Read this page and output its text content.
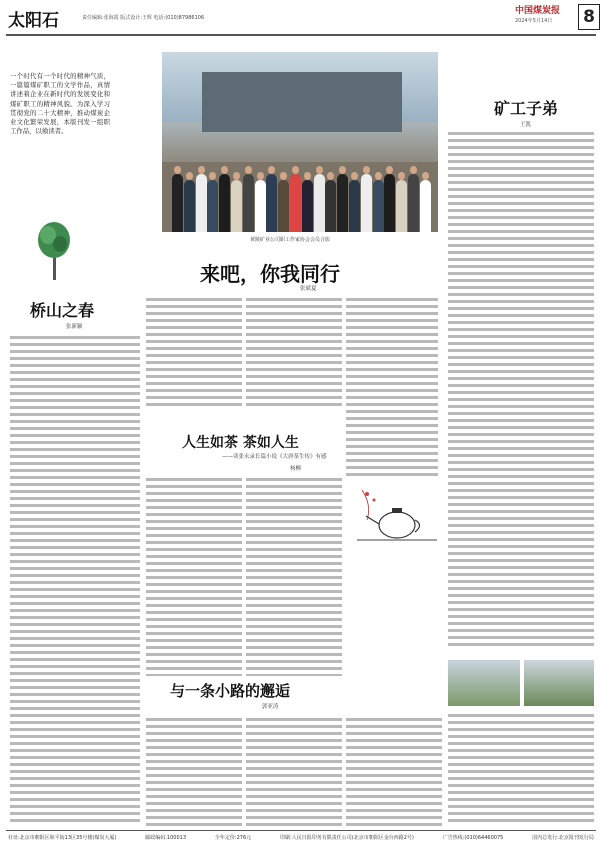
太阳石	责任编辑:张海霞 版式设计:王辉 电话:(010)87986106
中国煤炭报
2024年5月14日 8
一个时代有一个时代的精神气质，一篇篇煤矿职工的文学作品，真情讲述着企业在新时代的发展变化和煤矿职工的精神风貌。为深入学习贯彻党的二十大精神，推动煤炭企业文化繁荣发展，本版刊发一组职工作品，以飨读者。
黄陵矿业公司职工作家协会会员合影
来吧，你我同行
张斌夏
桥山之春
张新颖
矿工子弟
王凯
人生如茶 茶如人生
——读张永录长篇小说《大唐茶生传》有感
杨柳
与一条小路的邂逅
郭亚涛
社址:北京市朝阳区和平街13区35号楼(煤炭大厦)	邮政编码:100013	全年定价:276元	印刷:人民日报印务有限责任公司(北京市朝阳区金台西路2号)	广告热线:(010)64460075	国内总发行:北京报刊发行局
